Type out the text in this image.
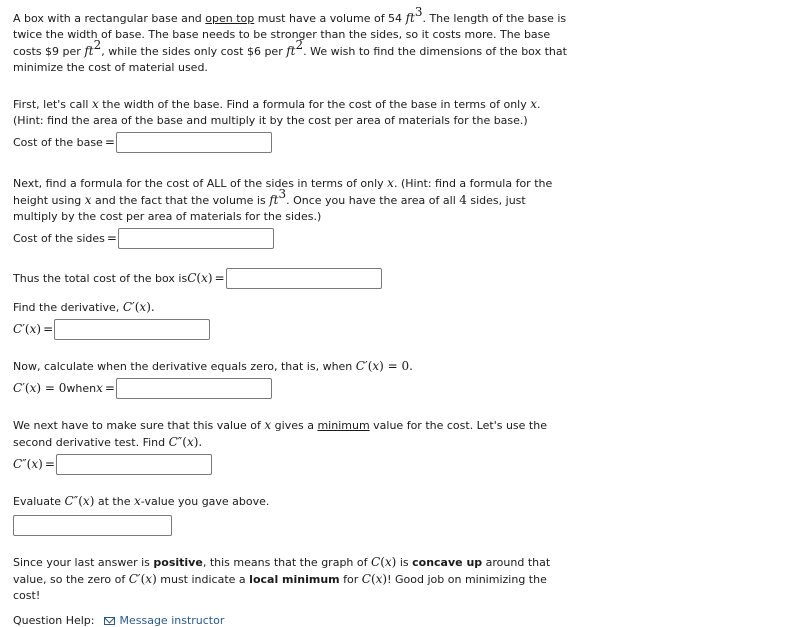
A box with a rectangular base and open top must have a volume of 54 $ft^3$. The length of the base is twice the width of base. The base needs to be stronger than the sides, so it costs more. The base costs $9 per $ft^2$, while the sides only cost $6 per $ft^2$. We wish to find the dimensions of the box that minimize the cost of material used.

First, let's call x the width of the base. Find a formula for the cost of the base in terms of only x. (Hint: find the area of the base and multiply it by the cost per area of materials for the base.)

Cost of the base =

Next, find a formula for the cost of ALL of the sides in terms of only x. (Hint: find a formula for the height using x and the fact that the volume is $ft^3$. Once you have the area of all 4 sides, just multiply by the cost per area of materials for the sides.)

Cost of the sides =
Thus the total cost of the box is C ( x ) =

Find the derivative, C′(x).

C ′( x ) =

Now, calculate when the derivative equals zero, that is, when C′(x) = 0.

C ′( x ) = 0 when x =

We next have to make sure that this value of x gives a minimum value for the cost. Let's use the second derivative test. Find C″(x).

C ″( x ) =

Evaluate C″(x) at the x-value you gave above.

Since your last answer is positive, this means that the graph of C(x) is concave up around that value, so the zero of C′(x) must indicate a local minimum for C(x)! Good job on minimizing the cost!

Question Help: Message instructor
